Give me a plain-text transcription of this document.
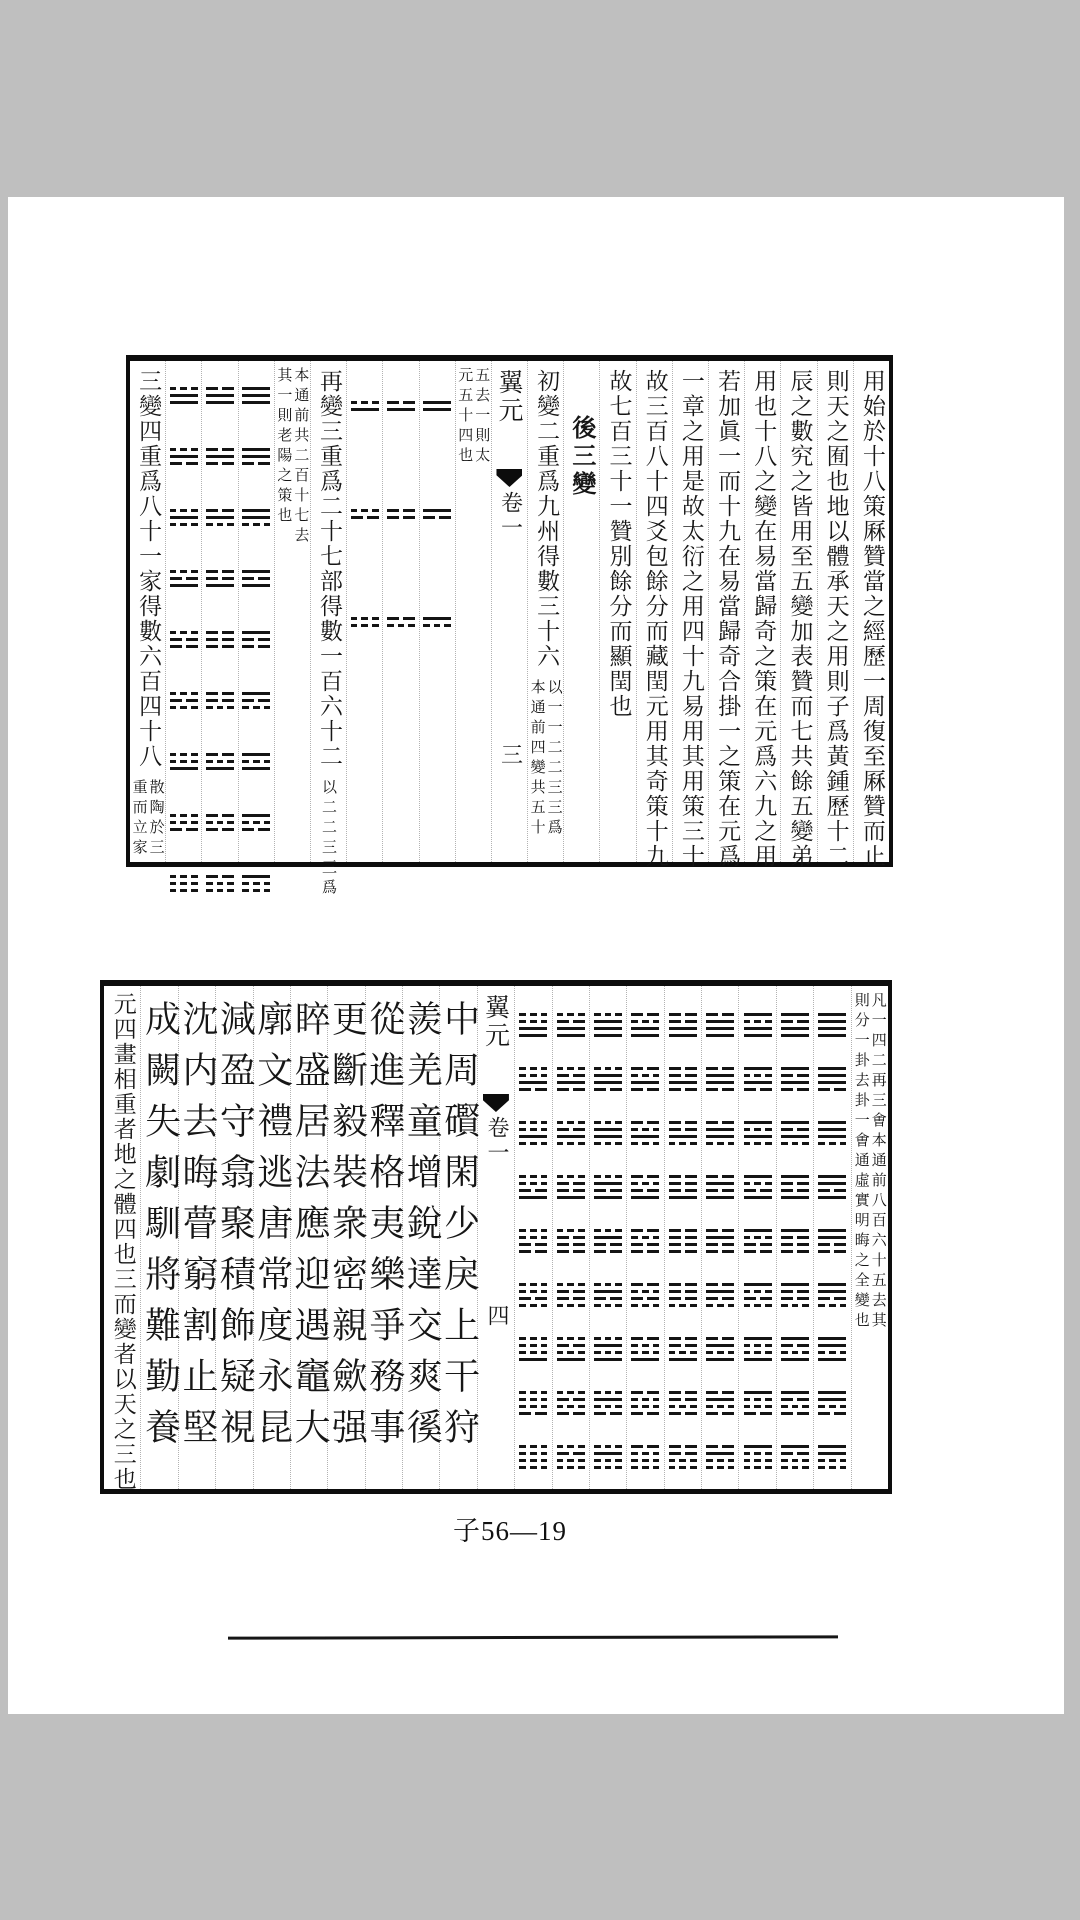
用始於十八策厤贊當之經歷一周復至厤贊而止
則天之囿也地以體承天之用則子爲黃鍾歷十二
辰之數究之皆用至五變加表贊而七共餘五變弟
用也十八之變在易當歸奇之策在元爲六九之用
若加眞一而十九在易當歸奇合掛一之策在元爲
一章之用是故太衍之用四十九易用其用策三十
故三百八十四爻包餘分而藏閏元用其奇策十九
故七百三十一贊別餘分而顯閏也
後三變
初變二重爲九州得數三十六
以一一二二三三爲
本通前四變共五十
翼元
卷一
三
五去一則太
元五十四也
再變三重爲二十七部得數一百六十二
以二二三三爲
本通前共二百十七去
其一則老陽之策也
三變四重爲八十一家得數六百四十八
散陶於三
重而立家
凡一四二再三㑹本通前八百六十五去其
則分一卦去卦一㑹通虛實明晦之全變也
翼元
卷一
四
中周礥閑少戾上干狩
羨羌童增銳達交爽徯
從進釋格夷樂爭務事
更斷毅裝衆密親歛强
睟盛居法應迎遇竈大
廓文禮逃唐常度永昆
減盈守翕聚積飾疑視
沈内去晦瞢窮割止堅
成闕失劇馴將難勤養
元四畫相重者地之體四也三而變者以天之三也
子56—19
